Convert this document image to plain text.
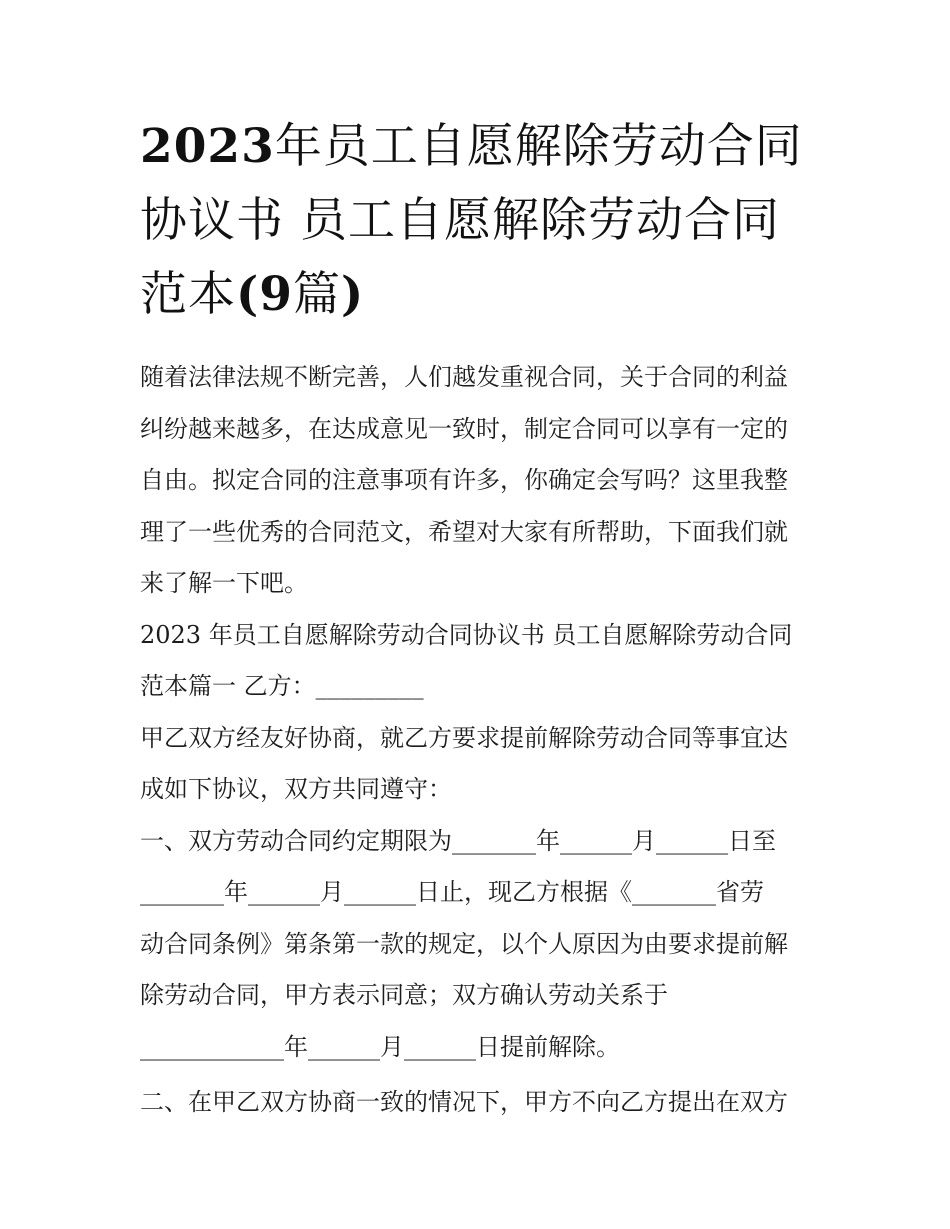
2023年员工自愿解除劳动合同
协议书 员工自愿解除劳动合同
范本(9篇)

随着法律法规不断完善，人们越发重视合同，关于合同的利益
纠纷越来越多，在达成意见一致时，制定合同可以享有一定的
自由。拟定合同的注意事项有许多，你确定会写吗？这里我整
理了一些优秀的合同范文，希望对大家有所帮助，下面我们就
来了解一下吧。

2023 年员工自愿解除劳动合同协议书 员工自愿解除劳动合同
范本篇一 乙方：_________

甲乙双方经友好协商，就乙方要求提前解除劳动合同等事宜达
成如下协议，双方共同遵守：

一、双方劳动合同约定期限为_______年______月______日至
_______年______月______日止，现乙方根据《_______省劳
动合同条例》第条第一款的规定，以个人原因为由要求提前解
除劳动合同，甲方表示同意；双方确认劳动关系于
____________年______月______日提前解除。

二、在甲乙双方协商一致的情况下，甲方不向乙方提出在双方
